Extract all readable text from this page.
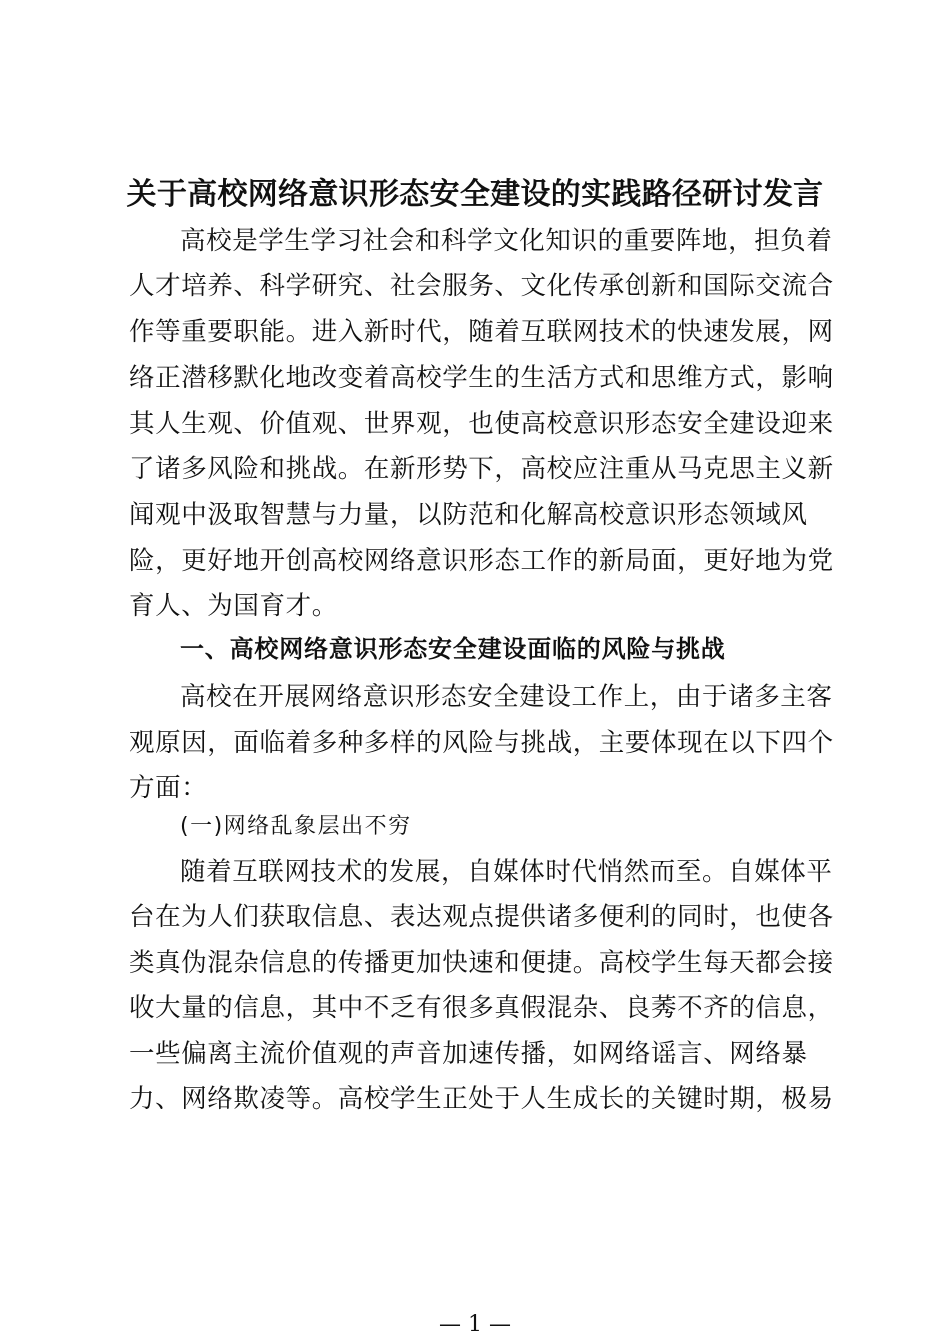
关于高校网络意识形态安全建设的实践路径研讨发言
高校是学生学习社会和科学文化知识的重要阵地，担负着
人才培养、科学研究、社会服务、文化传承创新和国际交流合
作等重要职能。进入新时代，随着互联网技术的快速发展，网
络正潜移默化地改变着高校学生的生活方式和思维方式，影响
其人生观、价值观、世界观，也使高校意识形态安全建设迎来
了诸多风险和挑战。在新形势下，高校应注重从马克思主义新
闻观中汲取智慧与力量，以防范和化解高校意识形态领域风
险，更好地开创高校网络意识形态工作的新局面，更好地为党
育人、为国育才。
一、高校网络意识形态安全建设面临的风险与挑战
高校在开展网络意识形态安全建设工作上，由于诸多主客
观原因，面临着多种多样的风险与挑战，主要体现在以下四个
方面：
(一)网络乱象层出不穷
随着互联网技术的发展，自媒体时代悄然而至。自媒体平
台在为人们获取信息、表达观点提供诸多便利的同时，也使各
类真伪混杂信息的传播更加快速和便捷。高校学生每天都会接
收大量的信息，其中不乏有很多真假混杂、良莠不齐的信息，
一些偏离主流价值观的声音加速传播，如网络谣言、网络暴
力、网络欺凌等。高校学生正处于人生成长的关键时期，极易
— 1 —
